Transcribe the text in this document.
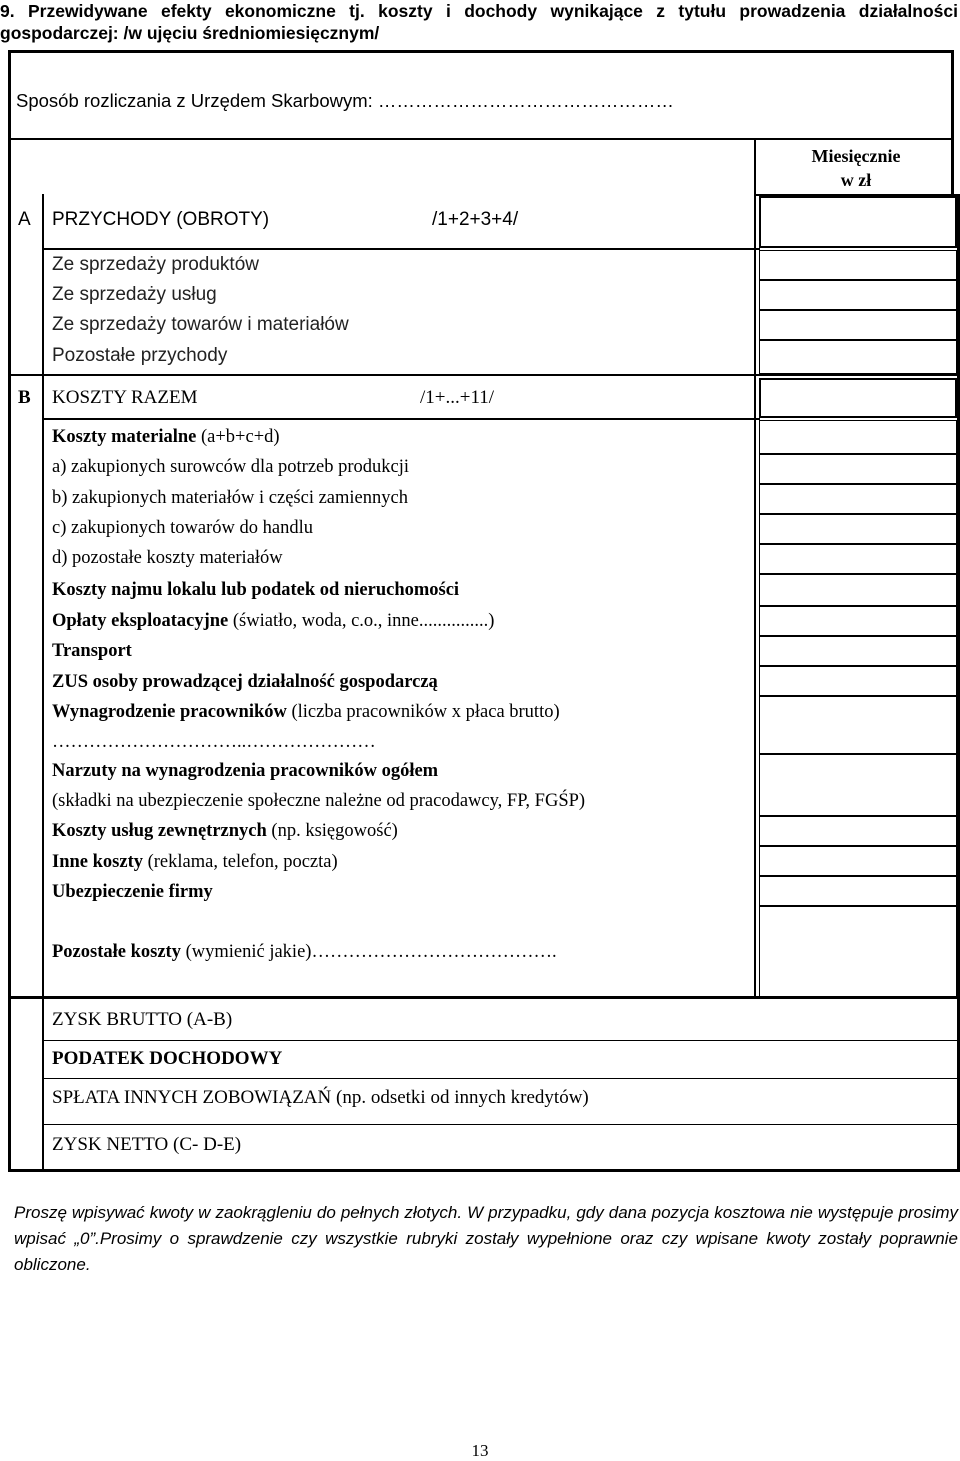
9. Przewidywane efekty ekonomiczne tj. koszty i dochody wynikające z tytułu prowadzenia działalności gospodarczej: /w ujęciu średniomiesięcznym/
Sposób rozliczania z Urzędem Skarbowym: …………………………………………
Miesięcznie
w zł
A PRZYCHODY (OBROTY)	/1+2+3+4/
Ze sprzedaży produktów
Ze sprzedaży usług
Ze sprzedaży towarów i materiałów
Pozostałe przychody
B KOSZTY RAZEM	/1+...+11/
Koszty materialne (a+b+c+d)
a) zakupionych surowców dla potrzeb produkcji
b) zakupionych materiałów i części zamiennych
c) zakupionych towarów do handlu
d) pozostałe koszty materiałów
Koszty najmu lokalu lub podatek od nieruchomości
Opłaty eksploatacyjne (światło, woda, c.o., inne...............)
Transport
ZUS osoby prowadzącej działalność gospodarczą
Wynagrodzenie pracowników (liczba pracowników x płaca brutto)
…………………………..…………………
Narzuty na wynagrodzenia pracowników ogółem
(składki na ubezpieczenie społeczne należne od pracodawcy, FP, FGŚP)
Koszty usług zewnętrznych (np. księgowość)
Inne koszty (reklama, telefon, poczta)
Ubezpieczenie firmy
Pozostałe koszty (wymienić jakie)………………………………….
ZYSK BRUTTO (A-B)
PODATEK DOCHODOWY
SPŁATA INNYCH ZOBOWIĄZAŃ (np. odsetki od innych kredytów)
ZYSK NETTO (C- D-E)
Proszę wpisywać kwoty w zaokrągleniu do pełnych złotych. W przypadku, gdy dana pozycja kosztowa nie występuje prosimy wpisać „0”.Prosimy o sprawdzenie czy wszystkie rubryki zostały wypełnione oraz czy wpisane kwoty zostały poprawnie obliczone.
13
